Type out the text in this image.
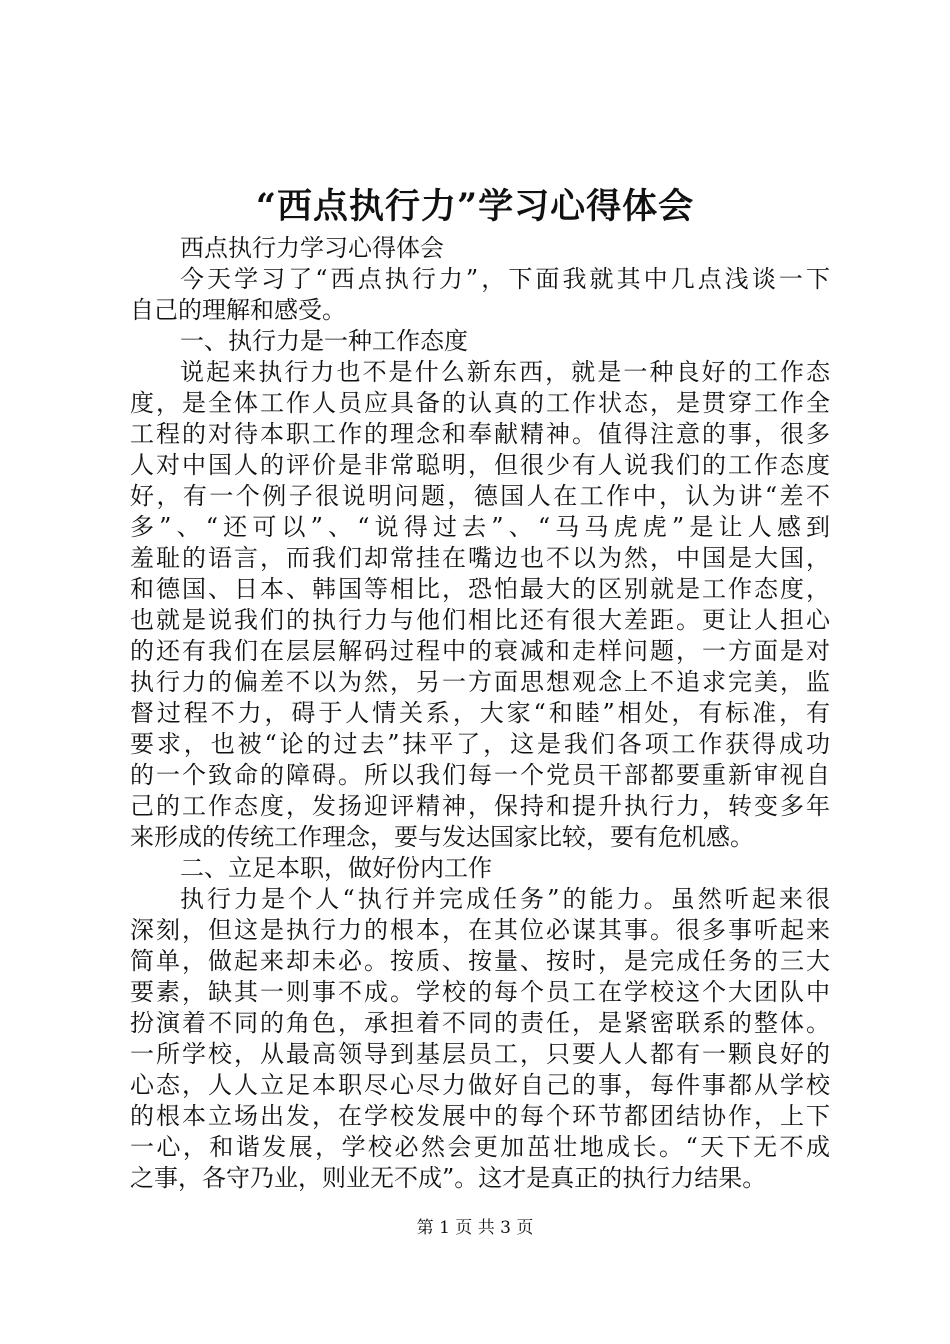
“西点执行力”学习心得体会
西点执行力学习心得体会
今天学习了“西点执行力”，下面我就其中几点浅谈一下
自己的理解和感受。
一、执行力是一种工作态度
说起来执行力也不是什么新东西，就是一种良好的工作态
度，是全体工作人员应具备的认真的工作状态，是贯穿工作全
工程的对待本职工作的理念和奉献精神。值得注意的事，很多
人对中国人的评价是非常聪明，但很少有人说我们的工作态度
好，有一个例子很说明问题，德国人在工作中，认为讲“差不
多”、“还可以”、“说得过去”、“马马虎虎”是让人感到
羞耻的语言，而我们却常挂在嘴边也不以为然，中国是大国，
和德国、日本、韩国等相比，恐怕最大的区别就是工作态度，
也就是说我们的执行力与他们相比还有很大差距。更让人担心
的还有我们在层层解码过程中的衰减和走样问题，一方面是对
执行力的偏差不以为然，另一方面思想观念上不追求完美，监
督过程不力，碍于人情关系，大家“和睦”相处，有标准，有
要求，也被“论的过去”抹平了，这是我们各项工作获得成功
的一个致命的障碍。所以我们每一个党员干部都要重新审视自
己的工作态度，发扬迎评精神，保持和提升执行力，转变多年
来形成的传统工作理念，要与发达国家比较，要有危机感。
二、立足本职，做好份内工作
执行力是个人“执行并完成任务”的能力。虽然听起来很
深刻，但这是执行力的根本，在其位必谋其事。很多事听起来
简单，做起来却未必。按质、按量、按时，是完成任务的三大
要素，缺其一则事不成。学校的每个员工在学校这个大团队中
扮演着不同的角色，承担着不同的责任，是紧密联系的整体。
一所学校，从最高领导到基层员工，只要人人都有一颗良好的
心态，人人立足本职尽心尽力做好自己的事，每件事都从学校
的根本立场出发，在学校发展中的每个环节都团结协作，上下
一心，和谐发展，学校必然会更加茁壮地成长。“天下无不成
之事，各守乃业，则业无不成”。这才是真正的执行力结果。
第 1 页 共 3 页
